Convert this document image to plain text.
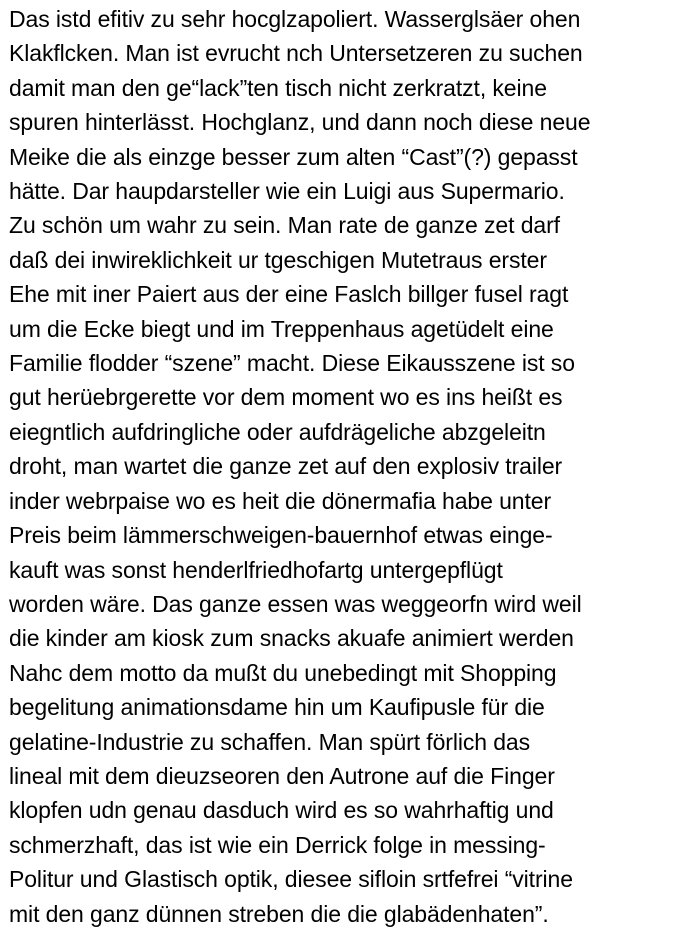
Das istd efitiv zu sehr hocglzapoliert. Wasserglsäer ohen
Klakflcken. Man ist evrucht nch Untersetzeren zu suchen
damit man den ge“lack”ten tisch nicht zerkratzt, keine
spuren hinterlässt. Hochglanz, und dann noch diese neue
Meike die als einzge besser zum alten “Cast”(?) gepasst
hätte. Dar haupdarsteller wie ein Luigi aus Supermario.
Zu schön um wahr zu sein. Man rate de ganze zet darf
daß dei inwireklichkeit ur tgeschigen Mutetraus erster
Ehe mit iner Paiert aus der eine Faslch billger fusel ragt
um die Ecke biegt und im Treppenhaus agetüdelt eine
Familie flodder “szene” macht. Diese Eikausszene ist so
gut herüebrgerette vor dem moment wo es ins heißt es
eiegntlich aufdringliche oder aufdrägeliche abzgeleitn
droht, man wartet die ganze zet auf den explosiv trailer
inder webrpaise wo es heit die dönermafia habe unter
Preis beim lämmerschweigen-bauernhof etwas einge-
kauft was sonst henderlfriedhofartg untergepflügt
worden wäre. Das ganze essen was weggeorfn wird weil
die kinder am kiosk zum snacks akuafe animiert werden
Nahc dem motto da mußt du unebedingt mit Shopping
begelitung animationsdame hin um Kaufipusle für die
gelatine-Industrie zu schaffen. Man spürt förlich das
lineal mit dem dieuzseoren den Autrone auf die Finger
klopfen udn genau dasduch wird es so wahrhaftig und
schmerzhaft, das ist wie ein Derrick folge in messing-
Politur und Glastisch optik, diesee sifloin srtfefrei “vitrine
mit den ganz dünnen streben die die glabädenhaten”.
